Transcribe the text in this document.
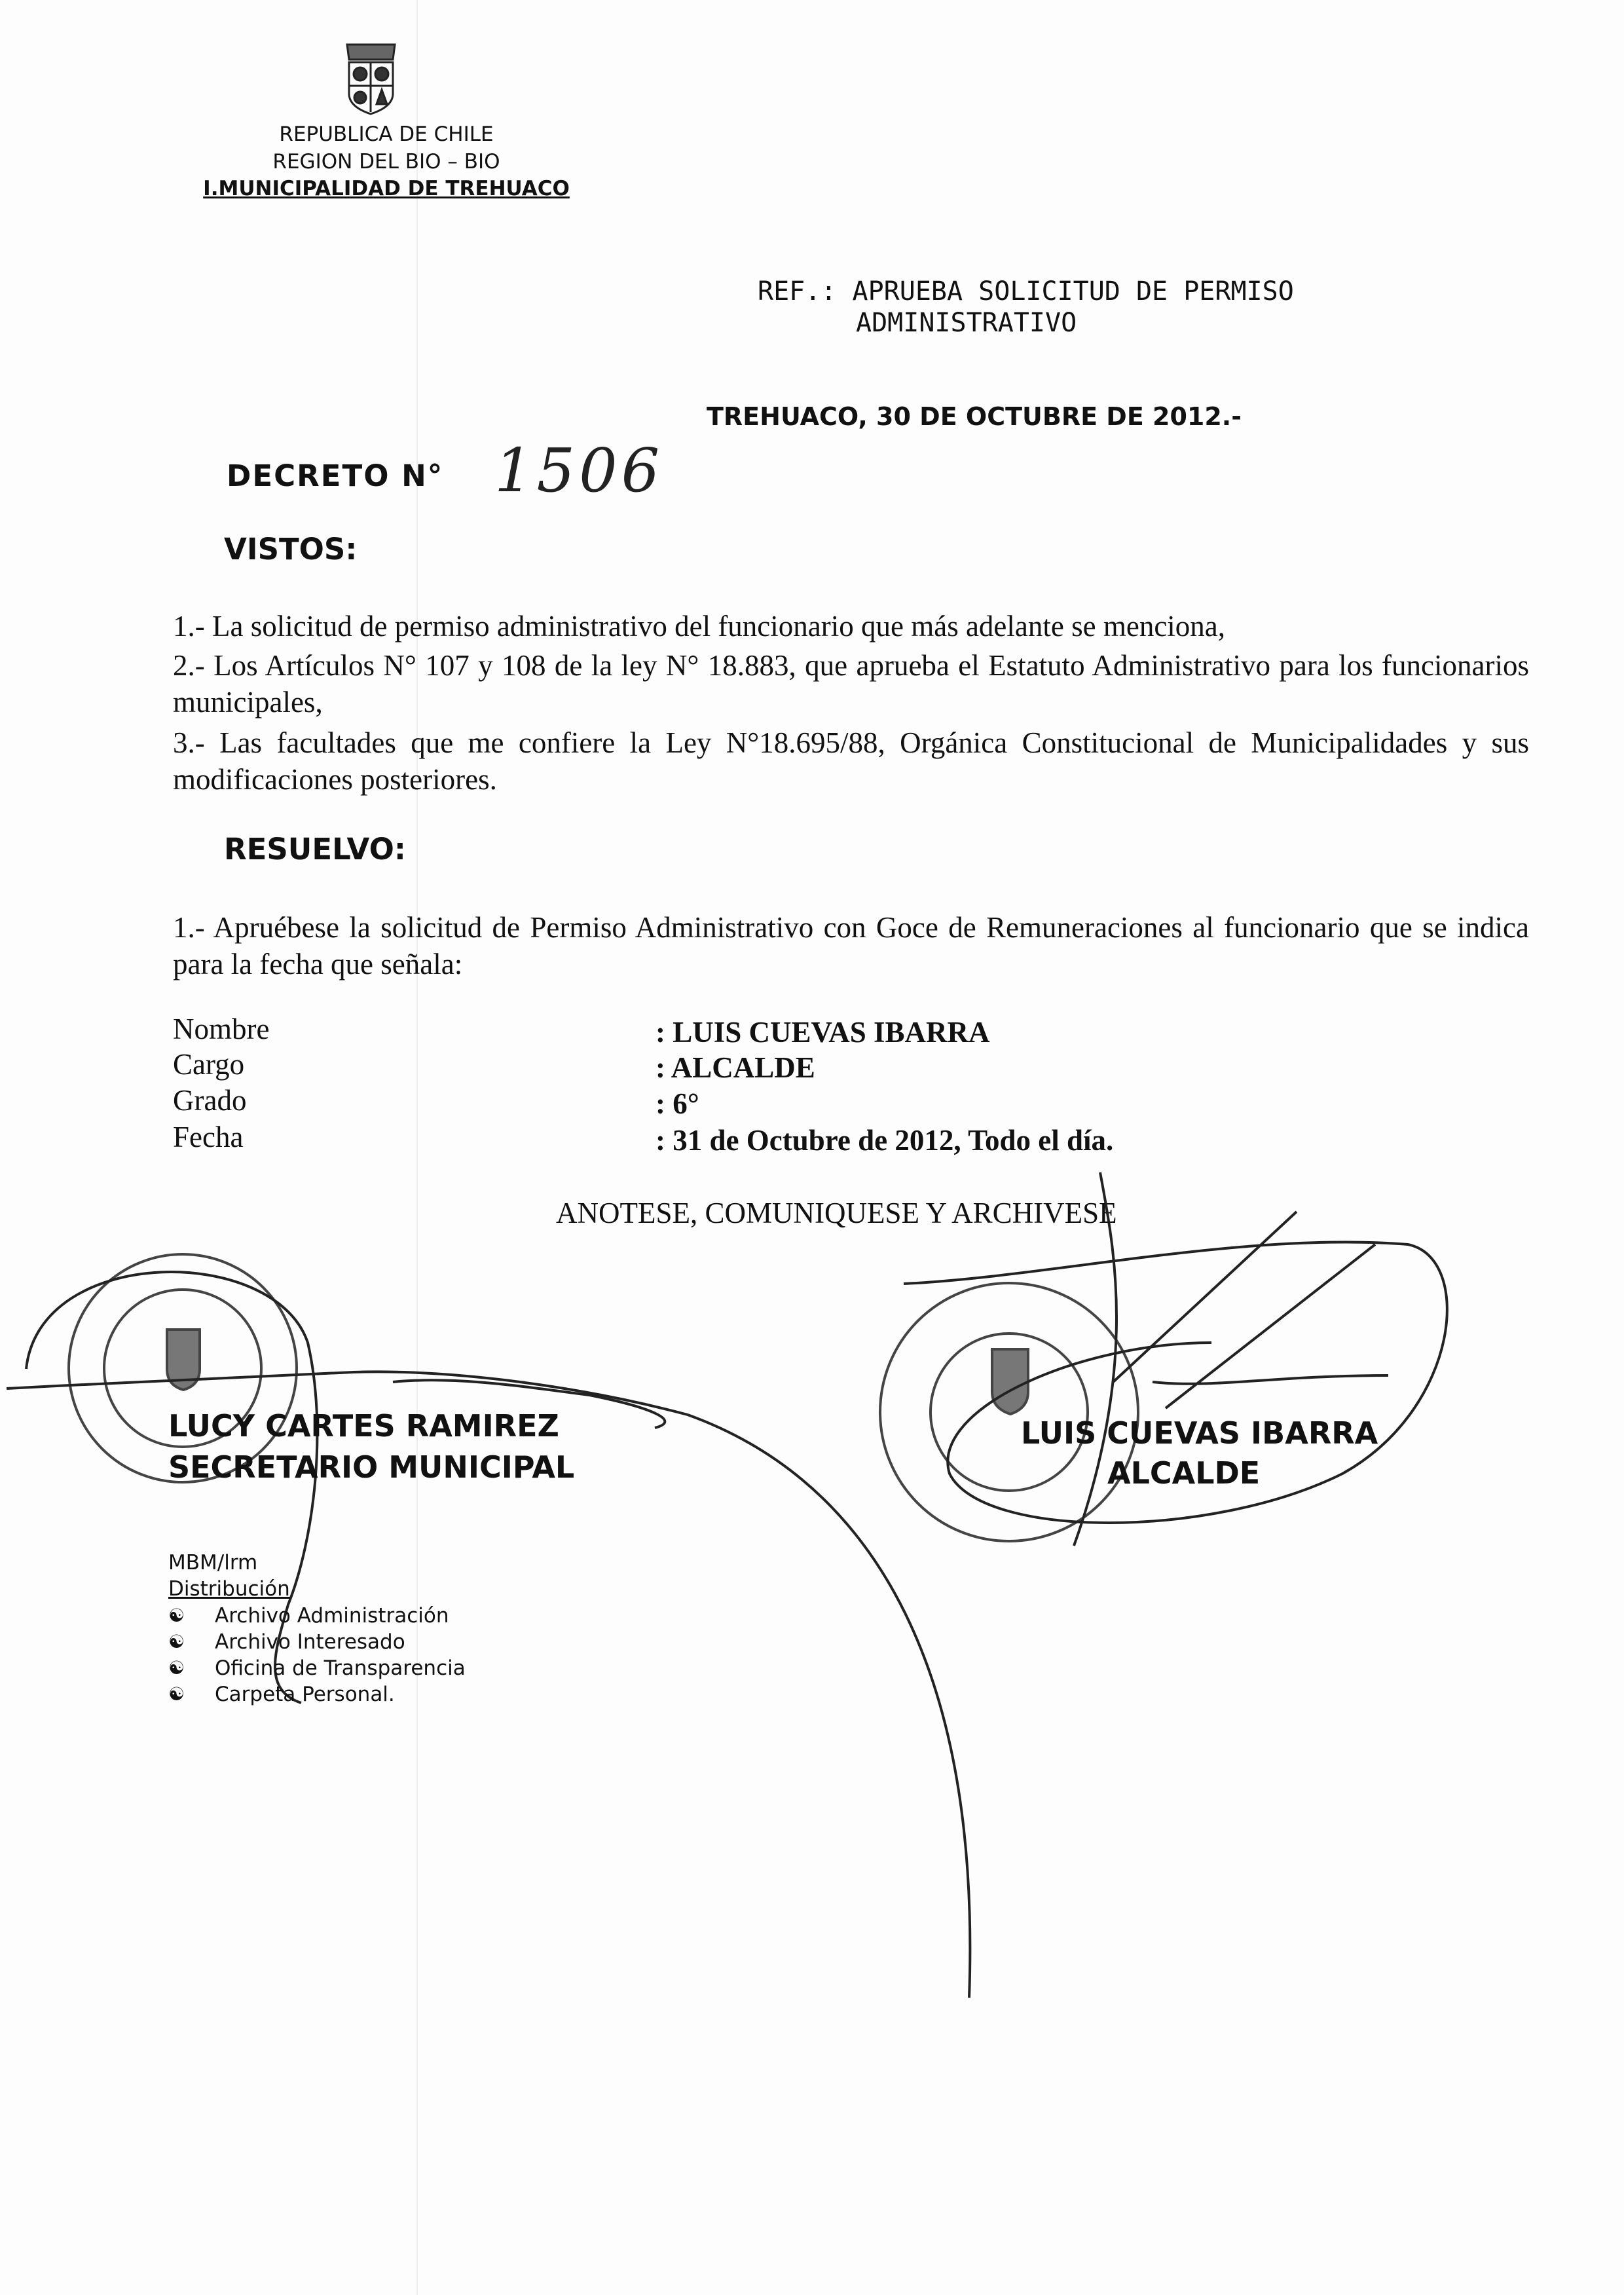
REPUBLICA DE CHILE
REGION DEL BIO – BIO
I.MUNICIPALIDAD DE TREHUACO
REF.: APRUEBA SOLICITUD DE PERMISO
ADMINISTRATIVO
TREHUACO, 30 DE OCTUBRE DE 2012.-
DECRETO N° 1506
VISTOS:
1.- La solicitud de permiso administrativo del funcionario que más adelante se menciona,
2.- Los Artículos N° 107 y 108 de la ley N° 18.883, que aprueba el Estatuto Administrativo para los funcionarios municipales,
3.- Las facultades que me confiere la Ley N°18.695/88, Orgánica Constitucional de Municipalidades y sus modificaciones posteriores.
RESUELVO:
1.- Apruébese la solicitud de Permiso Administrativo con Goce de Remuneraciones al funcionario que se indica para la fecha que señala:
Nombre	: LUIS CUEVAS IBARRA
Cargo	: ALCALDE
Grado	: 6°
Fecha	: 31 de Octubre de 2012, Todo el día.
ANOTESE, COMUNIQUESE Y ARCHIVESE
LUCY CARTES RAMIREZ
SECRETARIO MUNICIPAL
LUIS CUEVAS IBARRA
ALCALDE
MBM/lrm
Distribución
☯ Archivo Administración
☯ Archivo Interesado
☯ Oficina de Transparencia
☯ Carpeta Personal.
